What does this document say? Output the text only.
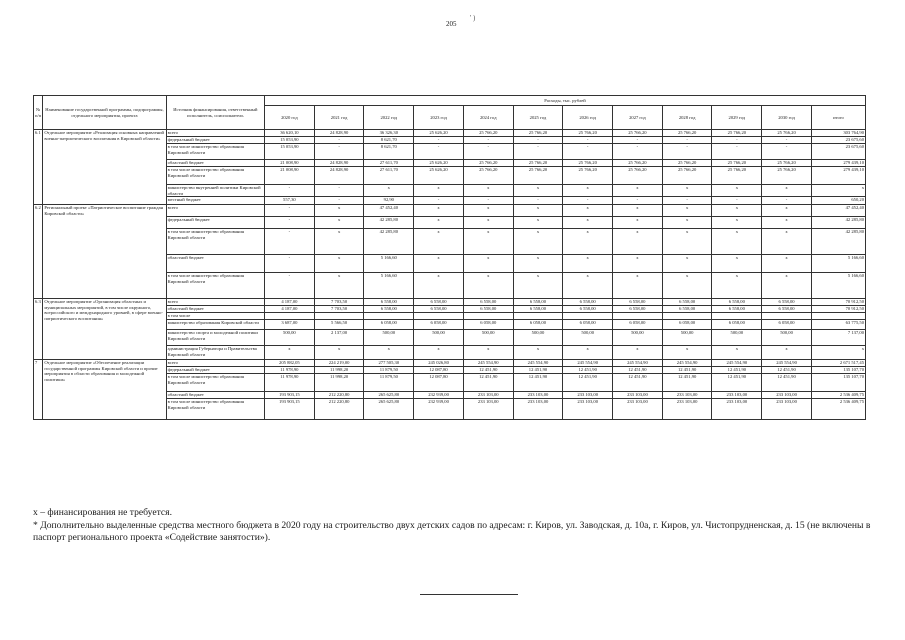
' )
205
№ п/п	Наименование государственной программы, подпрограммы, отдельного мероприятия, проекта	Источник финансирования, ответственный исполнитель, соисполнитель	Расходы, тыс. рублей											
			2020 год	2021 год	2022 год	2023 год	2024 год	2025 год	2026 год	2027 год	2028 год	2029 год	2030 год	итого
6.1	Отдельное мероприятие «Реализация основных направлений военно-патриотического воспитания в Кировской области»	всего	36 620,10	24 828,90	36 326,30	25 626,20	25 766,20	25 766,20	25 766,20	25 766,20	25 766,20	25 766,20	25 766,20	303 764,90
		федеральный бюджет	15 053,90	-	8 621,70	-	-	-	-	-	-	-	-	23 675,60
		в том числе министерство образования Кировской области	15 053,90	-	8 621,70	-	-	-	-	-	-	-	-	23 675,60
		областной бюджет	21 008,90	24 828,90	27 611,70	25 626,20	25 766,20	25 766,20	25 766,20	25 766,20	25 766,20	25 766,20	25 766,20	279 439,10
		в том числе министерство образования Кировской области	21 008,90	24 828,90	27 611,70	25 626,20	25 766,20	25 766,20	25 766,20	25 766,20	25 766,20	25 766,20	25 766,20	279 439,10
		министерство внутренней политики Кировской области	-	-	x	x	x	x	x	x	x	x	x	x
		местный бюджет	557,30	-	92,90	-	-	-	-	-	-	-	-	650,20
6.2	Региональный проект «Патриотическое воспитание граждан Кировской области»	всего	-	x	47 452,40	x	x	x	x	x	x	x	x	47 452,40
		федеральный бюджет	-	x	42 285,80	x	x	x	x	x	x	x	x	42 285,80
		в том числе министерство образования Кировской области	-	x	42 285,80	x	x	x	x	x	x	x	x	42 285,80
		областной бюджет	-	x	5 166,60	x	x	x	x	x	x	x	x	5 166,60
		в том числе министерство образования Кировской области	-	x	5 166,60	x	x	x	x	x	x	x	x	5 166,60
6.3	Отдельное мероприятие «Организация областных и муниципальных мероприятий, в том числе окружного, всероссийского и международного уровней, в сфере военно-патриотического воспитания»	всего	4 187,00	7 703,50	6 558,00	6 558,00	6 558,00	6 558,00	6 558,00	6 558,00	6 558,00	6 558,00	6 558,00	70 912,50
		областной бюджет	4 187,00	7 703,50	6 558,00	6 558,00	6 558,00	6 558,00	6 558,00	6 558,00	6 558,00	6 558,00	6 558,00	70 912,50
		в том числе												
		министерство образования Кировской области	3 687,00	5 566,50	6 058,00	6 058,00	6 058,00	6 058,00	6 058,00	6 058,00	6 058,00	6 058,00	6 058,00	63 775,50
		министерство спорта и молодежной политики Кировской области	500,00	2 137,00	500,00	500,00	500,00	500,00	500,00	500,00	500,00	500,00	500,00	7 137,00
		администрация Губернатора и Правительства Кировской области	x	x	x	x	x	x	x	x	x	x	x	x
7	Отдельное мероприятие «Обеспечение реализации государственной программы Кировской области и прочие мероприятия в области образования и молодежной политики»	всего	205 882,05	224 219,00	277 505,30	245 026,80	245 554,90	245 554,90	245 554,90	245 554,90	245 554,90	245 554,90	245 554,90	2 671 517,45
		федеральный бюджет	11 978,90	11 998,20	11 879,50	12 087,80	12 451,90	12 451,90	12 451,90	12 451,90	12 451,90	12 451,90	12 451,90	135 107,70
		в том числе министерство образования Кировской области	11 978,90	11 998,20	11 879,50	12 087,80	12 451,90	12 451,90	12 451,90	12 451,90	12 451,90	12 451,90	12 451,90	135 107,70
		областной бюджет	193 903,15	212 220,80	265 625,80	232 939,00	233 103,00	233 103,00	233 103,00	233 103,00	233 103,00	233 103,00	233 103,00	2 536 409,75
		в том числе министерство образования Кировской области	193 903,15	212 220,80	265 625,80	232 939,00	233 103,00	233 103,00	233 103,00	233 103,00	233 103,00	233 103,00	233 103,00	2 536 409,75

х – финансирования не требуется.

* Дополнительно выделенные средства местного бюджета в 2020 году на строительство двух детских садов по адресам: г. Киров, ул. Заводская, д. 10а, г. Киров, ул. Чистопрудненская, д. 15 (не включены в паспорт регионального проекта «Содействие занятости»).
